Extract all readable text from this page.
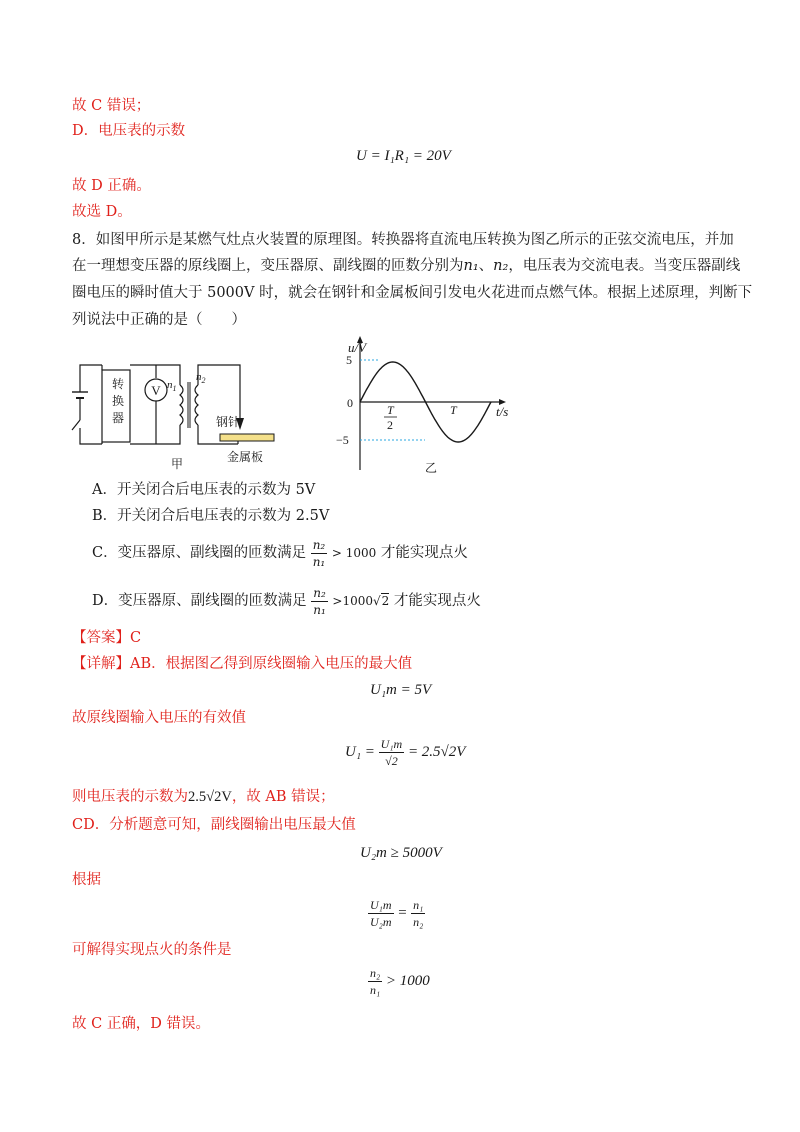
故 C 错误；
D．电压表的示数
U = I₁R₁ = 20V
故 D 正确。
故选 D。
8．如图甲所示是某燃气灶点火装置的原理图。转换器将直流电压转换为图乙所示的正弦交流电压，并加
在一理想变压器的原线圈上，变压器原、副线圈的匝数分别为n₁、n₂，电压表为交流电表。当变压器副线
圈电压的瞬时值大于 5000V 时，就会在钢针和金属板间引发电火花进而点燃气体。根据上述原理，判断下
列说法中正确的是（　　）
V $n_1$
$n_2$
钢针
金属板
甲
转
换
器
u/V
5
0
−5
T
2
T	t/s
乙
A．开关闭合后电压表的示数为 5V
B．开关闭合后电压表的示数为 2.5V
C．变压器原、副线圈的匝数满足 $\frac{\text{n₂}}{\text{n₁}} > 1000$ 才能实现点火
D．变压器原、副线圈的匝数满足 $\frac{\text{n₂}}{\text{n₁}} >1000√2$ 才能实现点火
【答案】C
【详解】AB．根据图乙得到原线圈输入电压的最大值
U₁m = 5V
故原线圈输入电压的有效值
$U_1 = \frac{\text{U₁m}}{√2} = 2.5√2V$
则电压表的示数为2.5√2V，故 AB 错误；
CD．分析题意可知，副线圈输出电压最大值
U₂m ≥ 5000V
根据
$\frac{\text{U₁m}}{\text{U₂m}} = \frac{\text{n₁}}{\text{n₂}}$
可解得实现点火的条件是
$\frac{\text{n₂}}{\text{n₁}} > 1000$
故 C 正确，D 错误。
